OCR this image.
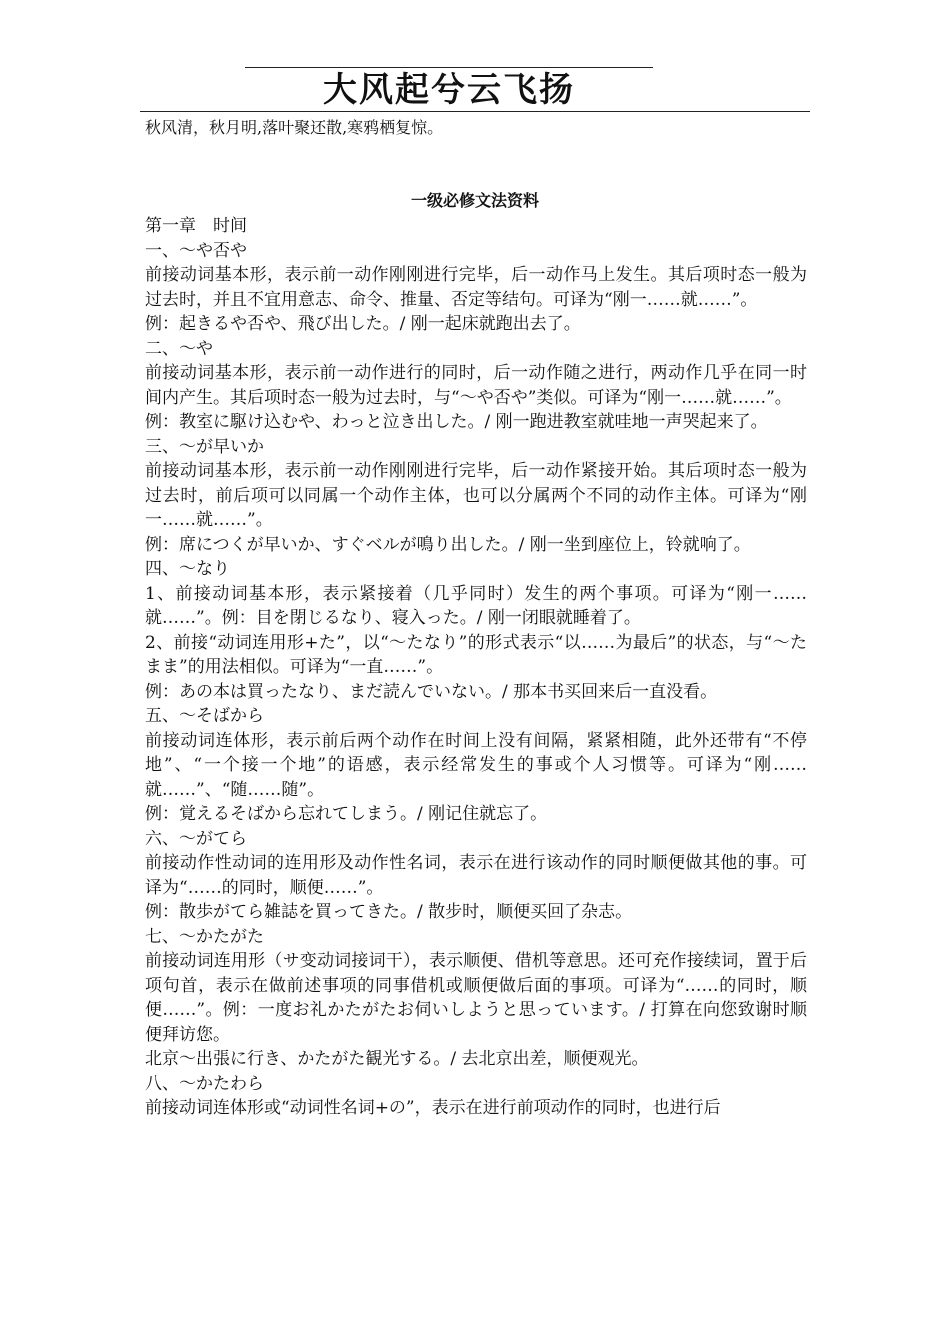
大风起兮云飞扬
秋风清，秋月明,落叶聚还散,寒鸦栖复惊。
一级必修文法资料

第一章　时间

一、～や否や

前接动词基本形，表示前一动作刚刚进行完毕，后一动作马上发生。其后项时态一般为过去时，并且不宜用意志、命令、推量、否定等结句。可译为“刚一……就……”。

例：起きるや否や、飛び出した。/ 刚一起床就跑出去了。

二、～や

前接动词基本形，表示前一动作进行的同时，后一动作随之进行，两动作几乎在同一时间内产生。其后项时态一般为过去时，与“～や否や”类似。可译为“刚一……就……”。

例：教室に駆け込むや、わっと泣き出した。/ 刚一跑进教室就哇地一声哭起来了。

三、～が早いか

前接动词基本形，表示前一动作刚刚进行完毕，后一动作紧接开始。其后项时态一般为过去时，前后项可以同属一个动作主体，也可以分属两个不同的动作主体。可译为“刚一……就……”。

例：席につくが早いか、すぐベルが鳴り出した。/ 刚一坐到座位上，铃就响了。

四、～なり

1、前接动词基本形，表示紧接着（几乎同时）发生的两个事项。可译为“刚一……就……”。例：目を閉じるなり、寝入った。/ 刚一闭眼就睡着了。

2、前接“动词连用形+た”，以“～たなり”的形式表示“以……为最后”的状态，与“～たまま”的用法相似。可译为“一直……”。

例：あの本は買ったなり、まだ読んでいない。/ 那本书买回来后一直没看。

五、～そばから

前接动词连体形，表示前后两个动作在时间上没有间隔，紧紧相随，此外还带有“不停地”、“一个接一个地”的语感，表示经常发生的事或个人习惯等。可译为“刚……就……”、“随……随”。

例：覚えるそばから忘れてしまう。/ 刚记住就忘了。

六、～がてら

前接动作性动词的连用形及动作性名词，表示在进行该动作的同时顺便做其他的事。可译为“……的同时，顺便……”。

例：散歩がてら雑誌を買ってきた。/ 散步时，顺便买回了杂志。

七、～かたがた

前接动词连用形（サ变动词接词干），表示顺便、借机等意思。还可充作接续词，置于后项句首，表示在做前述事项的同事借机或顺便做后面的事项。可译为“……的同时，顺便……”。例：一度お礼かたがたお伺いしようと思っています。/ 打算在向您致谢时顺便拜访您。

北京～出張に行き、かたがた観光する。/ 去北京出差，顺便观光。

八、～かたわら

前接动词连体形或“动词性名词+の”，表示在进行前项动作的同时，也进行后
